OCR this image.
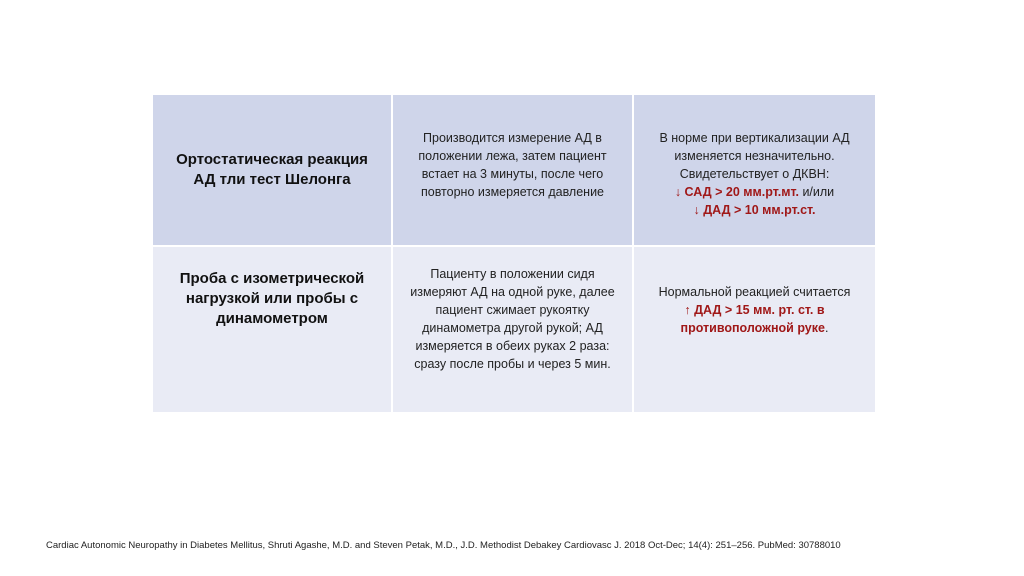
Ортостатическая реакция
АД тли тест Шелонга
Производится измерение АД в
положении лежа, затем пациент
встает на 3 минуты, после чего
повторно измеряется давление
В норме при вертикализации АД
изменяется незначительно.
Свидетельствует о ДКВН:
↓ САД > 20 мм.рт.мт. и/или
↓ ДАД > 10 мм.рт.ст.
Проба с изометрической
нагрузкой или пробы с
динамометром
Пациенту в положении сидя
измеряют АД на одной руке, далее
пациент сжимает рукоятку
динамометра другой рукой; АД
измеряется в обеих руках 2 раза:
сразу после пробы и через 5 мин.
Нормальной реакцией считается
↑ ДАД > 15 мм. рт. ст. в
противоположной руке.
Cardiac Autonomic Neuropathy in Diabetes Mellitus, Shruti Agashe, M.D. and Steven Petak, M.D., J.D. Methodist Debakey Cardiovasc J. 2018 Oct-Dec; 14(4): 251–256. PubMed: 30788010
